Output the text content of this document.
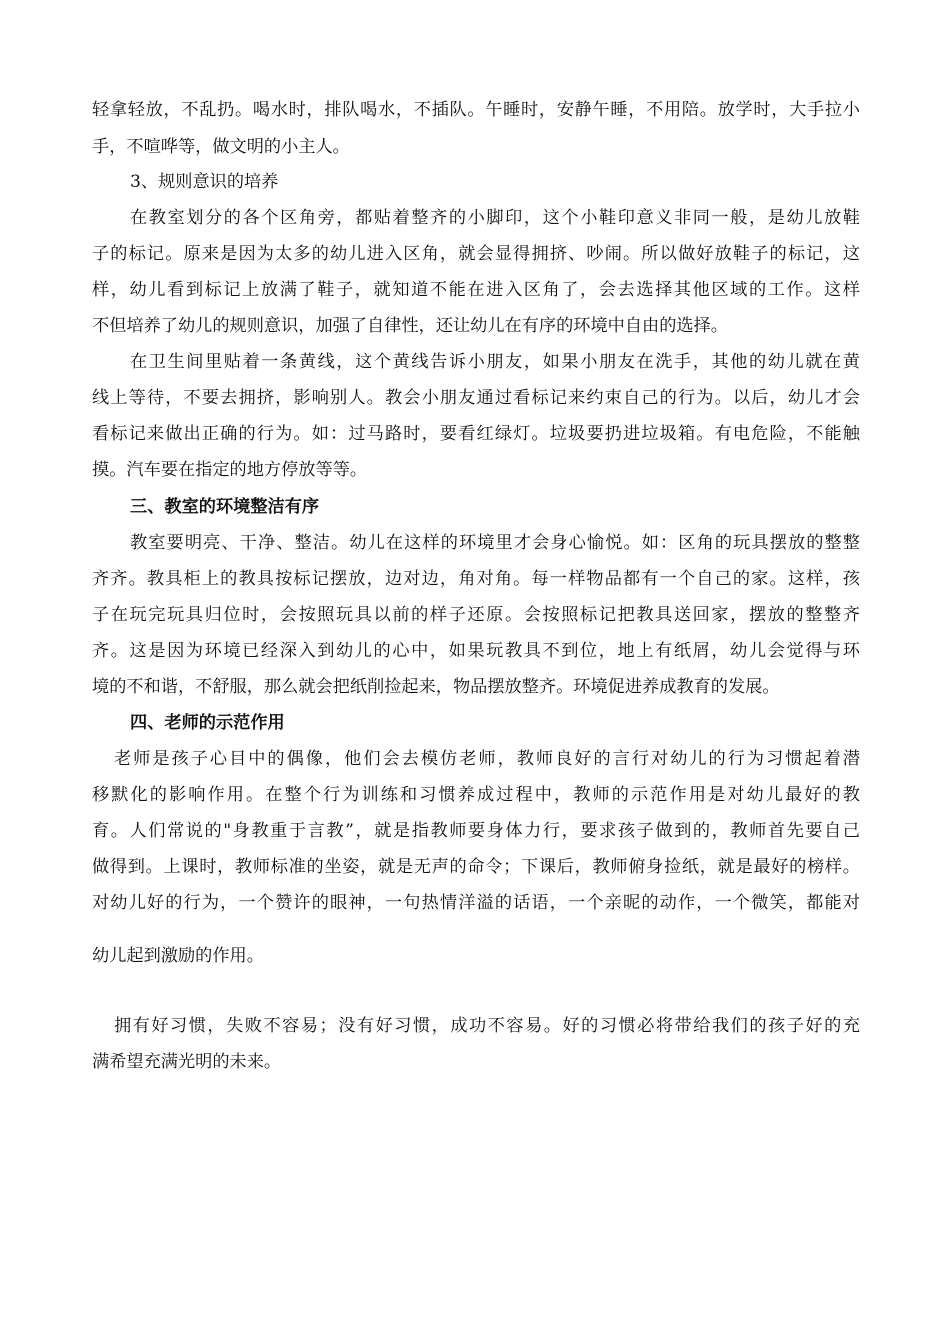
轻拿轻放，不乱扔。喝水时，排队喝水，不插队。午睡时，安静午睡，不用陪。放学时，大手拉小
手，不喧哗等，做文明的小主人。
3、规则意识的培养
在教室划分的各个区角旁，都贴着整齐的小脚印，这个小鞋印意义非同一般，是幼儿放鞋
子的标记。原来是因为太多的幼儿进入区角，就会显得拥挤、吵闹。所以做好放鞋子的标记，这
样，幼儿看到标记上放满了鞋子，就知道不能在进入区角了，会去选择其他区域的工作。这样
不但培养了幼儿的规则意识，加强了自律性，还让幼儿在有序的环境中自由的选择。
在卫生间里贴着一条黄线，这个黄线告诉小朋友，如果小朋友在洗手，其他的幼儿就在黄
线上等待，不要去拥挤，影响别人。教会小朋友通过看标记来约束自己的行为。以后，幼儿才会
看标记来做出正确的行为。如：过马路时，要看红绿灯。垃圾要扔进垃圾箱。有电危险，不能触
摸。汽车要在指定的地方停放等等。
三、教室的环境整洁有序
教室要明亮、干净、整洁。幼儿在这样的环境里才会身心愉悦。如：区角的玩具摆放的整整
齐齐。教具柜上的教具按标记摆放，边对边，角对角。每一样物品都有一个自己的家。这样，孩
子在玩完玩具归位时，会按照玩具以前的样子还原。会按照标记把教具送回家，摆放的整整齐
齐。这是因为环境已经深入到幼儿的心中，如果玩教具不到位，地上有纸屑，幼儿会觉得与环
境的不和谐，不舒服，那么就会把纸削捡起来，物品摆放整齐。环境促进养成教育的发展。
四、老师的示范作用
老师是孩子心目中的偶像，他们会去模仿老师，教师良好的言行对幼儿的行为习惯起着潜
移默化的影响作用。在整个行为训练和习惯养成过程中，教师的示范作用是对幼儿最好的教
育。人们常说的"身教重于言教”，就是指教师要身体力行，要求孩子做到的，教师首先要自己
做得到。上课时，教师标准的坐姿，就是无声的命令；下课后，教师俯身捡纸，就是最好的榜样。
对幼儿好的行为，一个赞许的眼神，一句热情洋溢的话语，一个亲昵的动作，一个微笑，都能对
幼儿起到激励的作用。
拥有好习惯，失败不容易；没有好习惯，成功不容易。好的习惯必将带给我们的孩子好的充
满希望充满光明的未来。
